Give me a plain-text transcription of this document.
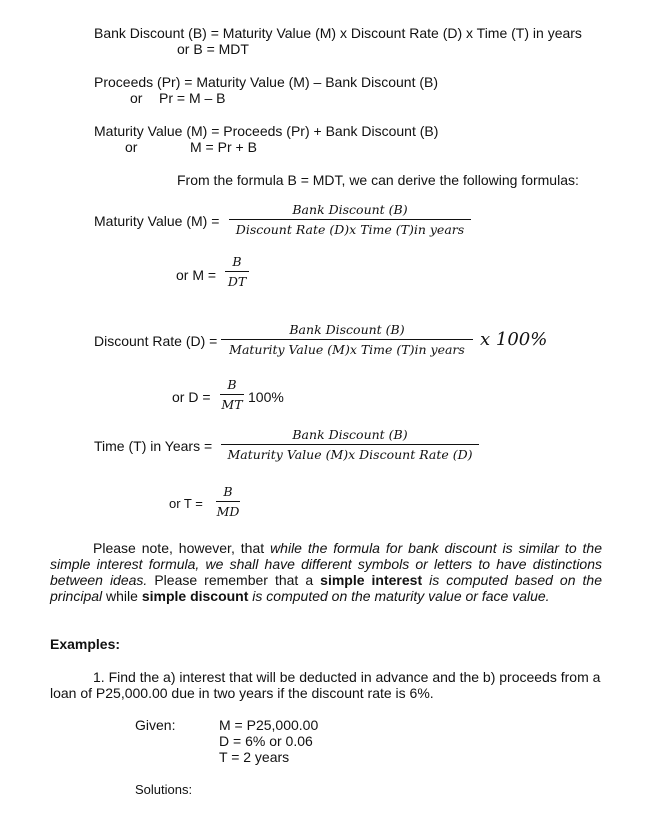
Bank Discount (B) = Maturity Value (M) x Discount Rate (D) x Time (T) in years
or B = MDT
Proceeds (Pr) = Maturity Value (M) – Bank Discount (B)
or Pr = M – B
Maturity Value (M) = Proceeds (Pr) + Bank Discount (B)
or	M = Pr + B
From the formula B = MDT, we can derive the following formulas:
Maturity Value (M) =
Bank Discount (B)
Discount Rate (D)x Time (T)in years
or M =
B
DT
Discount Rate (D) =
Bank Discount (B)
Maturity Value (M)x Time (T)in years x 100%
or D =
B
MT 100%
Time (T) in Years =
Bank Discount (B)
Maturity Value (M)x Discount Rate (D)
or T =
B
MD
Please note, however, that while the formula for bank discount is similar to the simple interest formula, we shall have different symbols or letters to have distinctions between ideas. Please remember that a simple interest is computed based on the principal while simple discount is computed on the maturity value or face value.
Examples:
1. Find the a) interest that will be deducted in advance and the b) proceeds from a loan of P25,000.00 due in two years if the discount rate is 6%.
Given:	M = P25,000.00
D = 6% or 0.06
T = 2 years
Solutions:
